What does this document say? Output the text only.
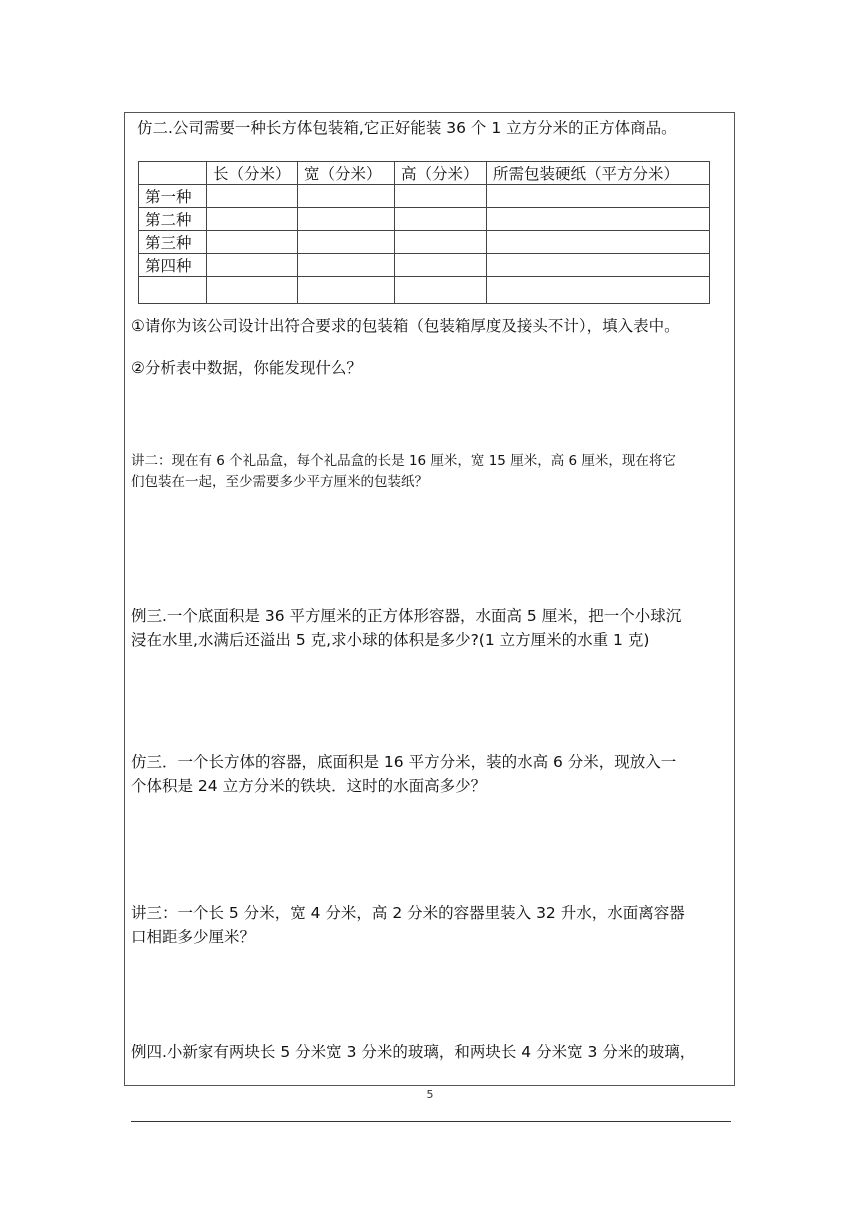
仿二.公司需要一种长方体包装箱,它正好能装 36 个 1 立方分米的正方体商品。
	长（分米）	宽（分米）	高（分米）	所需包装硬纸（平方分米）
第一种				
第二种				
第三种				
第四种				

①请你为该公司设计出符合要求的包装箱（包装箱厚度及接头不计），填入表中。
②分析表中数据，你能发现什么？
讲二：现在有 6 个礼品盒，每个礼品盒的长是 16 厘米，宽 15 厘米，高 6 厘米，现在将它
们包装在一起，至少需要多少平方厘米的包装纸？
例三.一个底面积是 36 平方厘米的正方体形容器，水面高 5 厘米，把一个小球沉
浸在水里,水满后还溢出 5 克,求小球的体积是多少?(1 立方厘米的水重 1 克)
仿三．一个长方体的容器，底面积是 16 平方分米，装的水高 6 分米，现放入一
个体积是 24 立方分米的铁块．这时的水面高多少？
讲三：一个长 5 分米，宽 4 分米，高 2 分米的容器里装入 32 升水，水面离容器
口相距多少厘米？
例四.小新家有两块长 5 分米宽 3 分米的玻璃，和两块长 4 分米宽 3 分米的玻璃，
5
